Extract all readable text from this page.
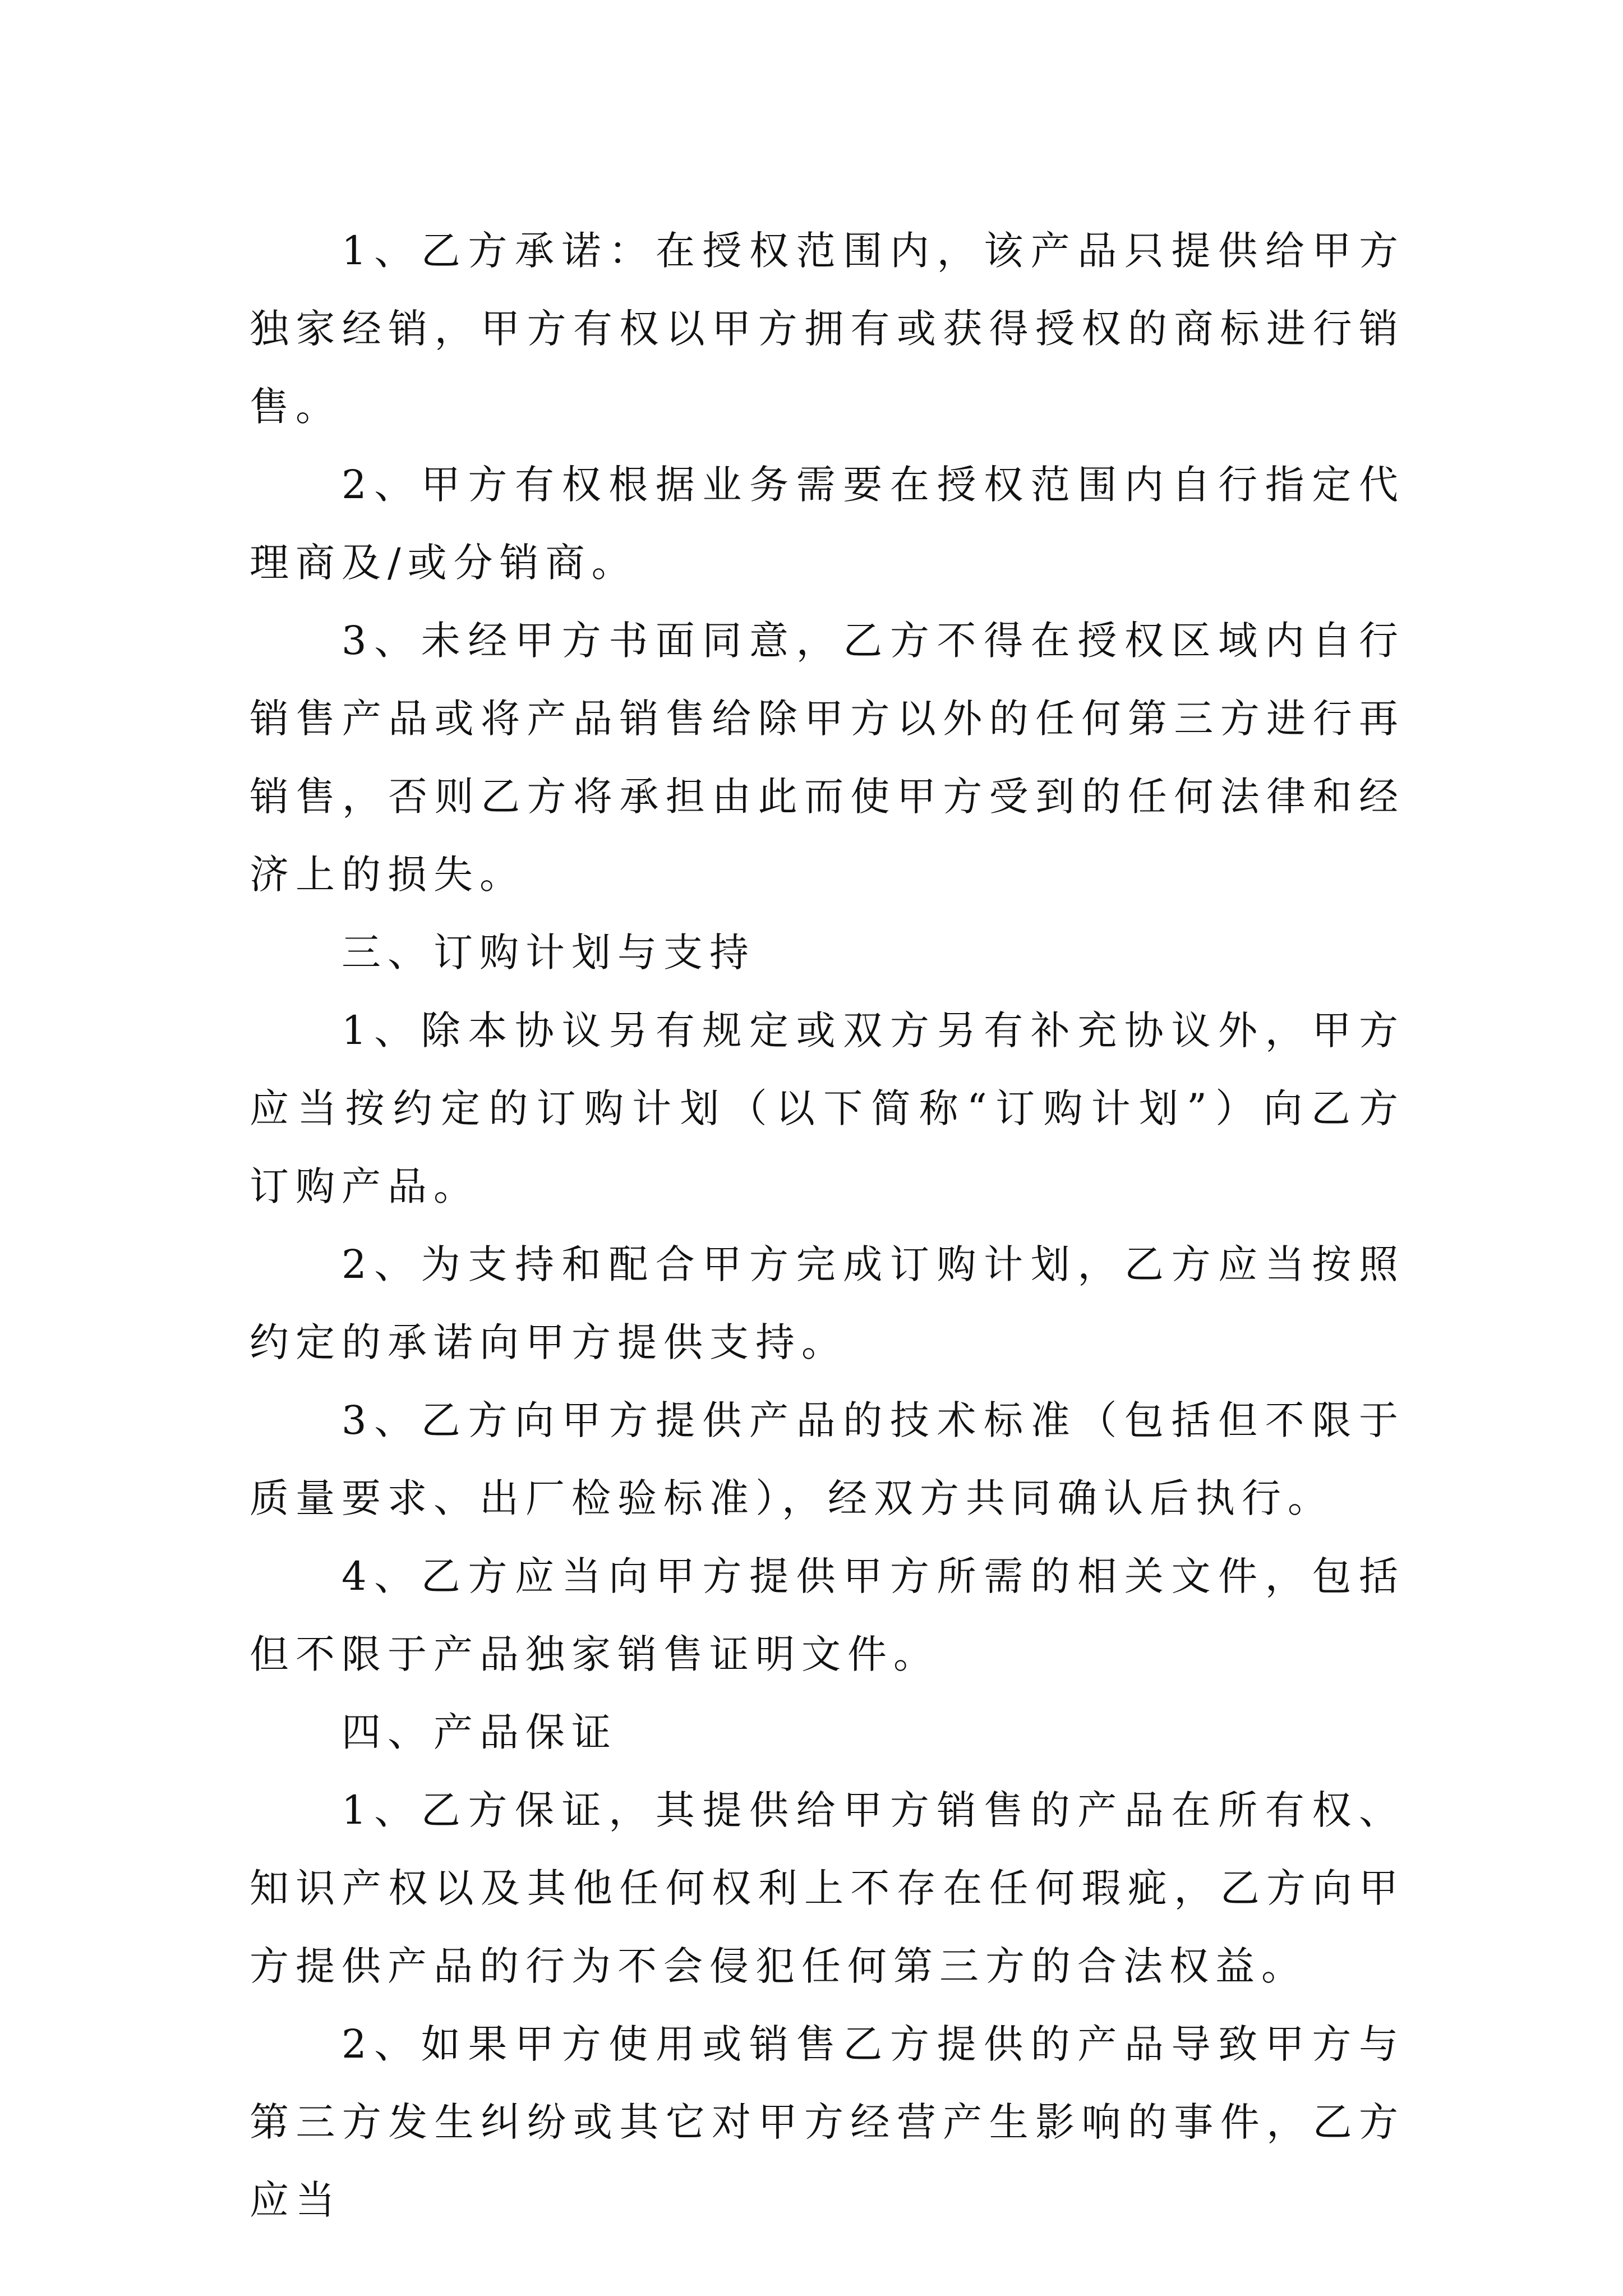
1、乙方承诺：在授权范围内，该产品只提供给甲方独家经销，甲方有权以甲方拥有或获得授权的商标进行销售。

2、甲方有权根据业务需要在授权范围内自行指定代理商及/或分销商。

3、未经甲方书面同意，乙方不得在授权区域内自行销售产品或将产品销售给除甲方以外的任何第三方进行再销售，否则乙方将承担由此而使甲方受到的任何法律和经济上的损失。

三、订购计划与支持

1、除本协议另有规定或双方另有补充协议外，甲方应当按约定的订购计划（以下简称“订购计划”）向乙方订购产品。

2、为支持和配合甲方完成订购计划，乙方应当按照约定的承诺向甲方提供支持。

3、乙方向甲方提供产品的技术标准（包括但不限于质量要求、出厂检验标准），经双方共同确认后执行。

4、乙方应当向甲方提供甲方所需的相关文件，包括但不限于产品独家销售证明文件。

四、产品保证

1、乙方保证，其提供给甲方销售的产品在所有权、知识产权以及其他任何权利上不存在任何瑕疵，乙方向甲方提供产品的行为不会侵犯任何第三方的合法权益。

2、如果甲方使用或销售乙方提供的产品导致甲方与第三方发生纠纷或其它对甲方经营产生影响的事件，乙方应当
